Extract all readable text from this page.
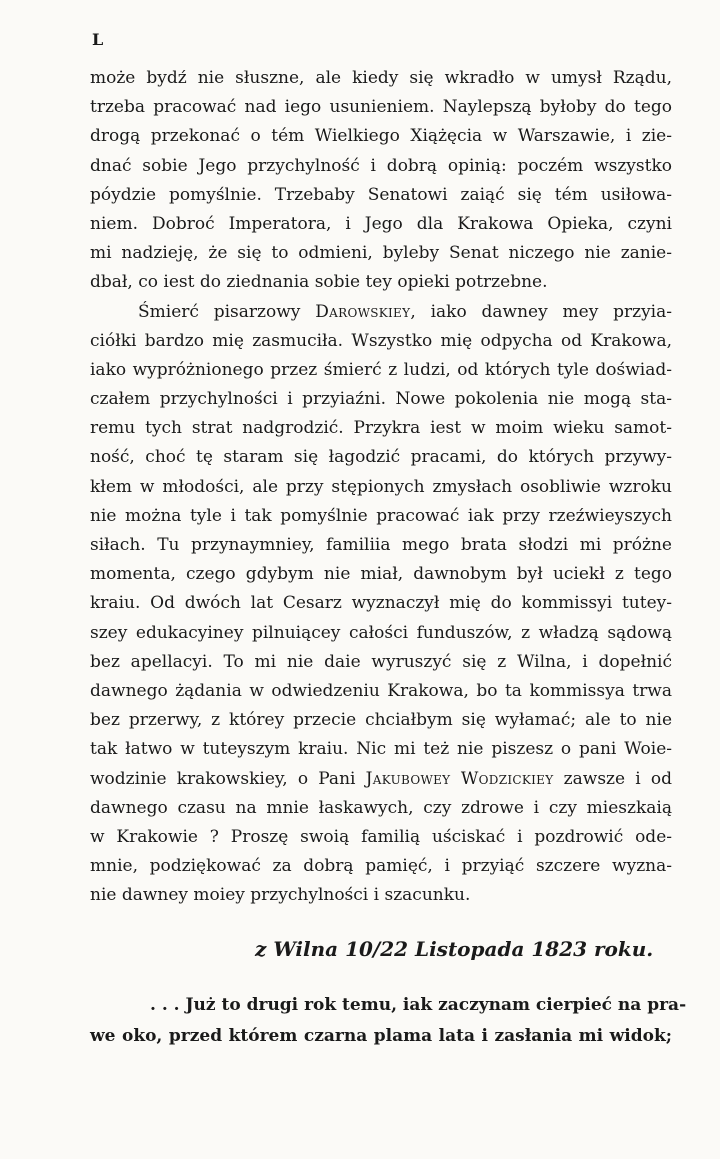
L
może bydź nie słuszne, ale kiedy się wkradło w umysł Rządu,
trzeba pracować nad iego usunieniem. Naylepszą byłoby do tego
drogą przekonać o tém Wielkiego Xiążęcia w Warszawie, i zie-
dnać sobie Jego przychylność i dobrą opinią: poczém wszystko
póydzie pomyślnie. Trzebaby Senatowi zaiąć się tém usiłowa-
niem. Dobroć Imperatora, i Jego dla Krakowa Opieka, czyni
mi nadzieję, że się to odmieni, byleby Senat niczego nie zanie-
dbał, co iest do ziednania sobie tey opieki potrzebne.
Śmierć pisarzowy Darowskiey, iako dawney mey przyia-
ciółki bardzo mię zasmuciła. Wszystko mię odpycha od Krakowa,
iako wypróżnionego przez śmierć z ludzi, od których tyle doświad-
czałem przychylności i przyiaźni. Nowe pokolenia nie mogą sta-
remu tych strat nadgrodzić. Przykra iest w moim wieku samot-
ność, choć tę staram się łagodzić pracami, do których przywy-
kłem w młodości, ale przy stępionych zmysłach osobliwie wzroku
nie można tyle i tak pomyślnie pracować iak przy rzeźwieyszych
siłach. Tu przynaymniey, familiia mego brata słodzi mi próżne
momenta, czego gdybym nie miał, dawnobym był uciekł z tego
kraiu. Od dwóch lat Cesarz wyznaczył mię do kommissyi tutey-
szey edukacyiney pilnuiącey całości funduszów, z władzą sądową
bez apellacyi. To mi nie daie wyruszyć się z Wilna, i dopełnić
dawnego żądania w odwiedzeniu Krakowa, bo ta kommissya trwa
bez przerwy, z którey przecie chciałbym się wyłamać; ale to nie
tak łatwo w tuteyszym kraiu. Nic mi też nie piszesz o pani Woie-
wodzinie krakowskiey, o Pani Jakubowey Wodzickiey zawsze i od
dawnego czasu na mnie łaskawych, czy zdrowe i czy mieszkaią
w Krakowie ? Proszę swoią familią uściskać i pozdrowić ode-
mnie, podziękować za dobrą pamięć, i przyiąć szczere wyzna-
nie dawney moiey przychylności i szacunku.
z Wilna 10/22 Listopada 1823 roku.
. . . Już to drugi rok temu, iak zaczynam cierpieć na pra-
we oko, przed którem czarna plama lata i zasłania mi widok;
